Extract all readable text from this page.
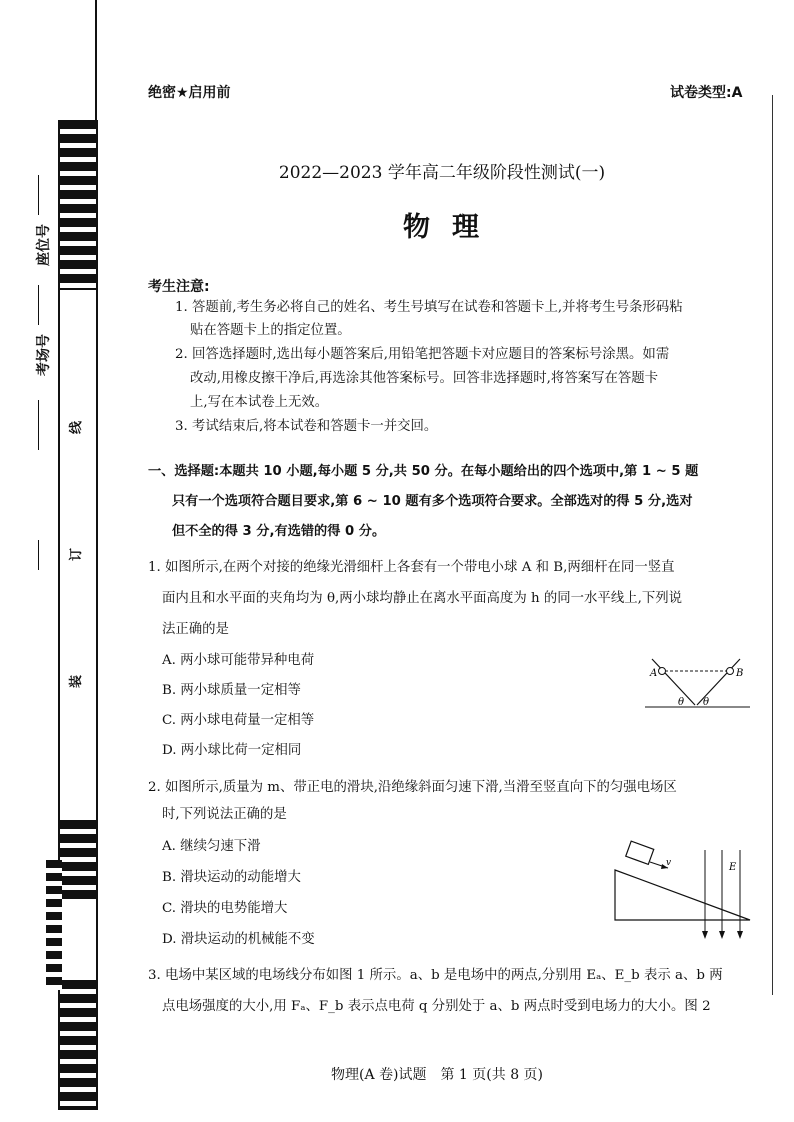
座位号
考场号
线
订
装
绝密★启用前	试卷类型:A
2022—2023 学年高二年级阶段性测试(一)
物理
考生注意:
1. 答题前,考生务必将自己的姓名、考生号填写在试卷和答题卡上,并将考生号条形码粘
贴在答题卡上的指定位置。
2. 回答选择题时,选出每小题答案后,用铅笔把答题卡对应题目的答案标号涂黑。如需
改动,用橡皮擦干净后,再选涂其他答案标号。回答非选择题时,将答案写在答题卡
上,写在本试卷上无效。
3. 考试结束后,将本试卷和答题卡一并交回。
一、选择题:本题共 10 小题,每小题 5 分,共 50 分。在每小题给出的四个选项中,第 1 ~ 5 题
只有一个选项符合题目要求,第 6 ~ 10 题有多个选项符合要求。全部选对的得 5 分,选对
但不全的得 3 分,有选错的得 0 分。
1. 如图所示,在两个对接的绝缘光滑细杆上各套有一个带电小球 A 和 B,两细杆在同一竖直
面内且和水平面的夹角均为 θ,两小球均静止在离水平面高度为 h 的同一水平线上,下列说
法正确的是
A. 两小球可能带异种电荷
B. 两小球质量一定相等
C. 两小球电荷量一定相等
D. 两小球比荷一定相同
A	B
θ θ
2. 如图所示,质量为 m、带正电的滑块,沿绝缘斜面匀速下滑,当滑至竖直向下的匀强电场区
时,下列说法正确的是
A. 继续匀速下滑
B. 滑块运动的动能增大
C. 滑块的电势能增大
D. 滑块运动的机械能不变
v	E
3. 电场中某区域的电场线分布如图 1 所示。a、b 是电场中的两点,分别用 Eₐ、E_b 表示 a、b 两
点电场强度的大小,用 Fₐ、F_b 表示点电荷 q 分别处于 a、b 两点时受到电场力的大小。图 2
物理(A 卷)试题　第 1 页(共 8 页)
